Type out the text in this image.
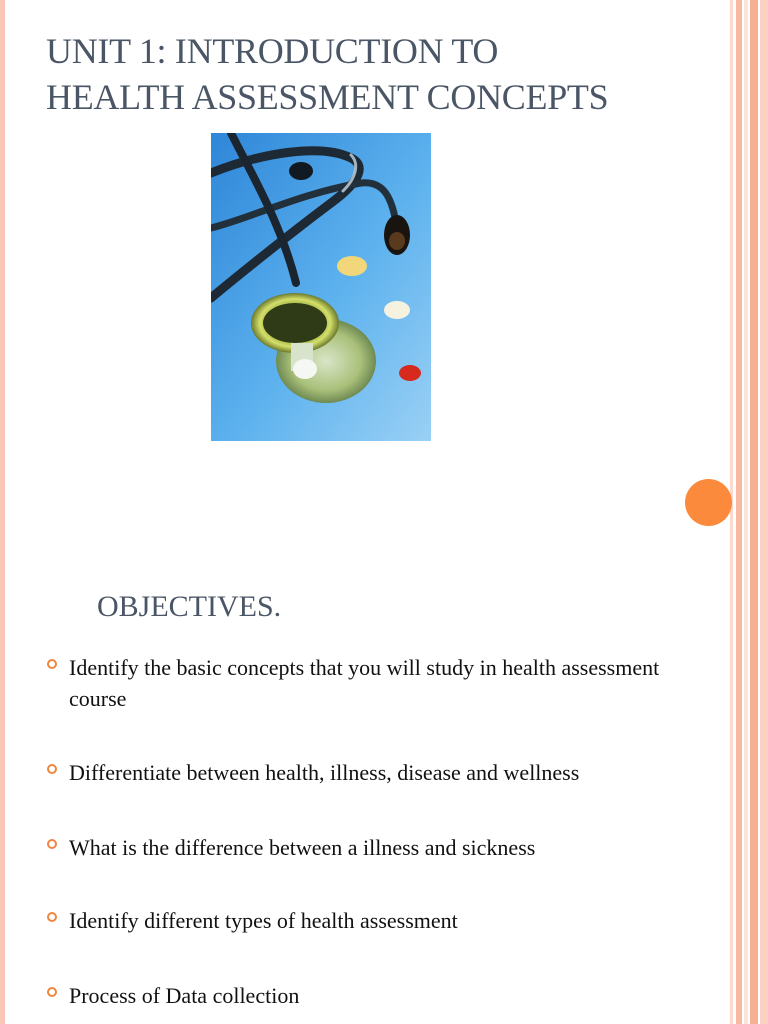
UNIT 1: INTRODUCTION TO
HEALTH ASSESSMENT CONCEPTS
OBJECTIVES.
Identify the basic concepts that you will study in health assessment course
Differentiate between health, illness, disease and wellness
What is the difference between a illness and sickness
Identify different types of health assessment
Process of Data collection
